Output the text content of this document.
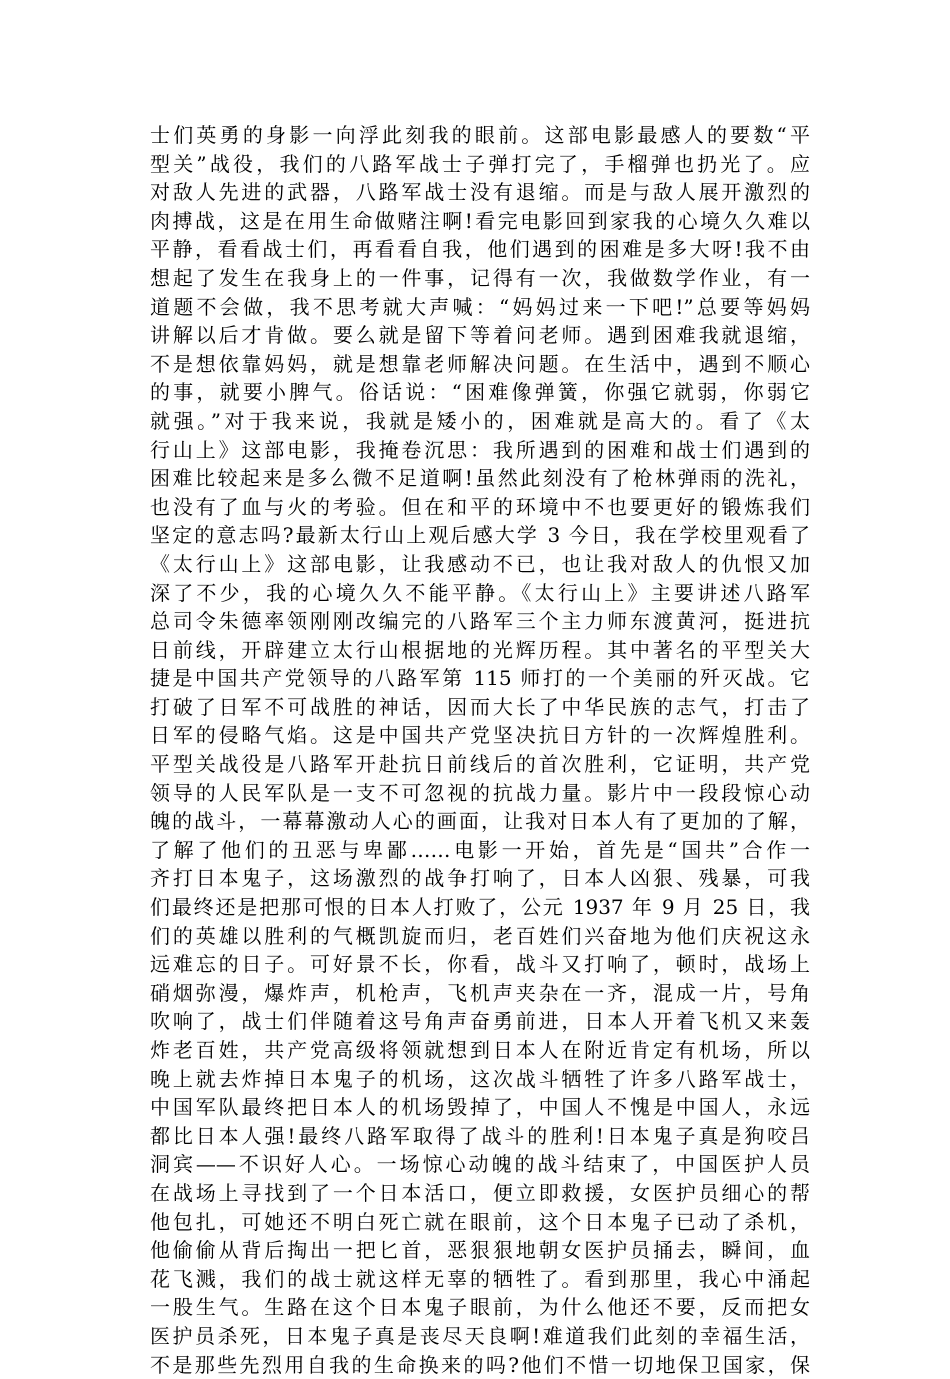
士们英勇的身影一向浮此刻我的眼前。这部电影最感人的要数“平
型关”战役，我们的八路军战士子弹打完了，手榴弹也扔光了。应
对敌人先进的武器，八路军战士没有退缩。而是与敌人展开激烈的
肉搏战，这是在用生命做赌注啊!看完电影回到家我的心境久久难以
平静，看看战士们，再看看自我，他们遇到的困难是多大呀!我不由
想起了发生在我身上的一件事，记得有一次，我做数学作业，有一
道题不会做，我不思考就大声喊：“妈妈过来一下吧!”总要等妈妈
讲解以后才肯做。要么就是留下等着问老师。遇到困难我就退缩，
不是想依靠妈妈，就是想靠老师解决问题。在生活中，遇到不顺心
的事，就要小脾气。俗话说：“困难像弹簧，你强它就弱，你弱它
就强。”对于我来说，我就是矮小的，困难就是高大的。看了《太
行山上》这部电影，我掩卷沉思：我所遇到的困难和战士们遇到的
困难比较起来是多么微不足道啊!虽然此刻没有了枪林弹雨的洗礼，
也没有了血与火的考验。但在和平的环境中不也要更好的锻炼我们
坚定的意志吗?最新太行山上观后感大学 3 今日，我在学校里观看了
《太行山上》这部电影，让我感动不已，也让我对敌人的仇恨又加
深了不少，我的心境久久不能平静。《太行山上》主要讲述八路军
总司令朱德率领刚刚改编完的八路军三个主力师东渡黄河，挺进抗
日前线，开辟建立太行山根据地的光辉历程。其中著名的平型关大
捷是中国共产党领导的八路军第 115 师打的一个美丽的歼灭战。它
打破了日军不可战胜的神话，因而大长了中华民族的志气，打击了
日军的侵略气焰。这是中国共产党坚决抗日方针的一次辉煌胜利。
平型关战役是八路军开赴抗日前线后的首次胜利，它证明，共产党
领导的人民军队是一支不可忽视的抗战力量。影片中一段段惊心动
魄的战斗，一幕幕激动人心的画面，让我对日本人有了更加的了解，
了解了他们的丑恶与卑鄙……电影一开始，首先是“国共”合作一
齐打日本鬼子，这场激烈的战争打响了，日本人凶狠、残暴，可我
们最终还是把那可恨的日本人打败了，公元 1937 年 9 月 25 日，我
们的英雄以胜利的气概凯旋而归，老百姓们兴奋地为他们庆祝这永
远难忘的日子。可好景不长，你看，战斗又打响了，顿时，战场上
硝烟弥漫，爆炸声，机枪声，飞机声夹杂在一齐，混成一片，号角
吹响了，战士们伴随着这号角声奋勇前进，日本人开着飞机又来轰
炸老百姓，共产党高级将领就想到日本人在附近肯定有机场，所以
晚上就去炸掉日本鬼子的机场，这次战斗牺牲了许多八路军战士，
中国军队最终把日本人的机场毁掉了，中国人不愧是中国人，永远
都比日本人强!最终八路军取得了战斗的胜利!日本鬼子真是狗咬吕
洞宾——不识好人心。一场惊心动魄的战斗结束了，中国医护人员
在战场上寻找到了一个日本活口，便立即救援，女医护员细心的帮
他包扎，可她还不明白死亡就在眼前，这个日本鬼子已动了杀机，
他偷偷从背后掏出一把匕首，恶狠狠地朝女医护员捅去，瞬间，血
花飞溅，我们的战士就这样无辜的牺牲了。看到那里，我心中涌起
一股生气。生路在这个日本鬼子眼前，为什么他还不要，反而把女
医护员杀死，日本鬼子真是丧尽天良啊!难道我们此刻的幸福生活，
不是那些先烈用自我的生命换来的吗?他们不惜一切地保卫国家，保
